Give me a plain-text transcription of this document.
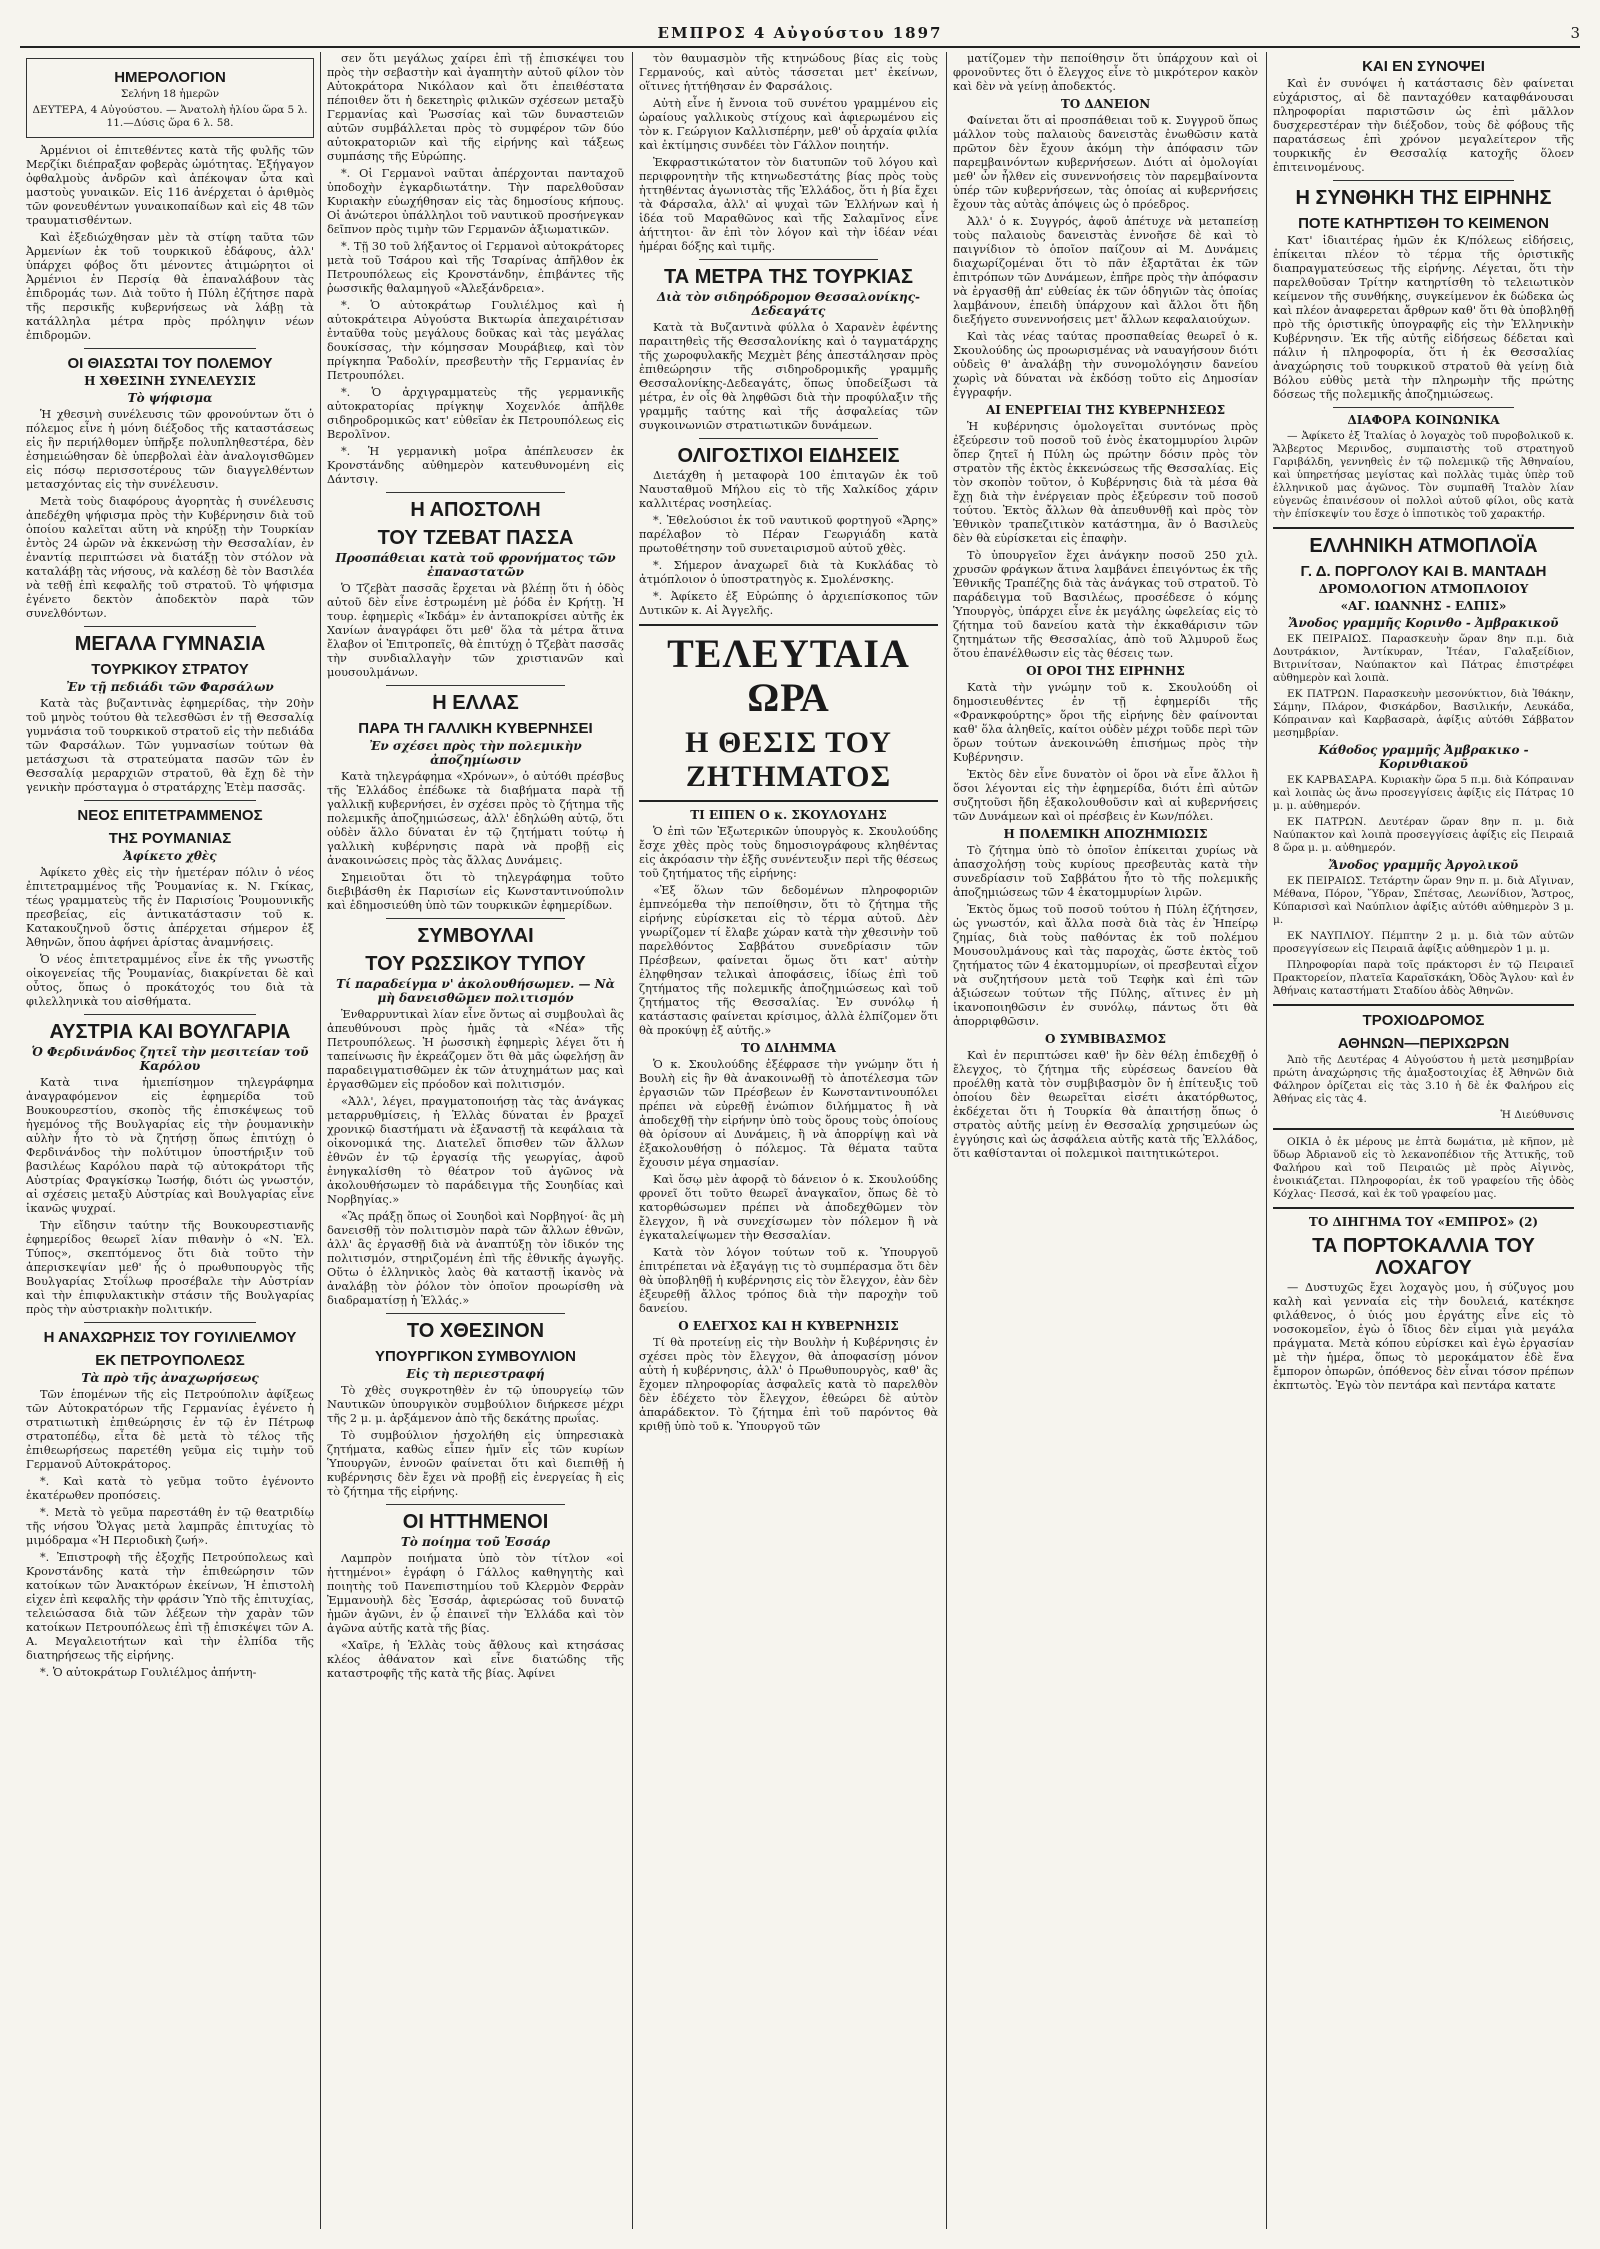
ΕΜΠΡΟΣ 4 Αὐγούστου 1897	3
ΗΜΕΡΟΛΟΓΙΟΝ

Σελήνη 18 ἡμερῶν

ΔΕΥΤΕΡΑ, 4 Αὐγούστου. — Ἀνατολὴ ἡλίου ὥρα 5 λ. 11.—Δύσις ὥρα 6 λ. 58.

Ἀρμένιοι οἱ ἐπιτεθέντες κατὰ τῆς φυλῆς τῶν Μερζίκι διέπραξαν φοβερὰς ὠμότητας. Ἐξήγαγον ὀφθαλμοὺς ἀνδρῶν καὶ ἀπέκοψαν ὦτα καὶ μαστοὺς γυναικῶν. Εἰς 116 ἀνέρχεται ὁ ἀριθμὸς τῶν φονευθέντων γυναικοπαίδων καὶ εἰς 48 τῶν τραυματισθέντων.

Καὶ ἐξεδιώχθησαν μὲν τὰ στίφη ταῦτα τῶν Ἀρμενίων ἐκ τοῦ τουρκικοῦ ἐδάφους, ἀλλ' ὑπάρχει φόβος ὅτι μένοντες ἀτιμώρητοι οἱ Ἀρμένιοι ἐν Περσίᾳ θὰ ἐπαναλάβουν τὰς ἐπιδρομάς των. Διὰ τοῦτο ἡ Πύλη ἐζήτησε παρὰ τῆς περσικῆς κυβερνήσεως νὰ λάβῃ τὰ κατάλληλα μέτρα πρὸς πρόληψιν νέων ἐπιδρομῶν.

ΟΙ ΘΙΑΣΩΤΑΙ ΤΟΥ ΠΟΛΕΜΟΥ
Η ΧΘΕΣΙΝΗ ΣΥΝΕΛΕΥΣΙΣ
Τὸ ψήφισμα

Ἡ χθεσινὴ συνέλευσις τῶν φρονούντων ὅτι ὁ πόλεμος εἶνε ἡ μόνη διέξοδος τῆς καταστάσεως εἰς ἣν περιήλθομεν ὑπῆρξε πολυπληθεστέρα, δὲν ἐσημειώθησαν δὲ ὑπερβολαὶ ἐὰν ἀναλογισθῶμεν εἰς πόσῳ περισσοτέρους τῶν διαγγελθέντων μετασχόντας εἰς τὴν συνέλευσιν.

Μετὰ τοὺς διαφόρους ἀγορητὰς ἡ συνέλευσις ἀπεδέχθη ψήφισμα πρὸς τὴν Κυβέρνησιν διὰ τοῦ ὁποίου καλεῖται αὕτη νὰ κηρύξῃ τὴν Τουρκίαν ἐντὸς 24 ὡρῶν νὰ ἐκκενώσῃ τὴν Θεσσαλίαν, ἐν ἐναντίᾳ περιπτώσει νὰ διατάξῃ τὸν στόλον νὰ καταλάβῃ τὰς νήσους, νὰ καλέσῃ δὲ τὸν Βασιλέα νὰ τεθῇ ἐπὶ κεφαλῆς τοῦ στρατοῦ. Τὸ ψήφισμα ἐγένετο δεκτὸν ἀποδεκτὸν παρὰ τῶν συνελθόντων.

ΜΕΓΑΛΑ ΓΥΜΝΑΣΙΑ
ΤΟΥΡΚΙΚΟΥ ΣΤΡΑΤΟΥ
Ἐν τῇ πεδιάδι τῶν Φαρσάλων

Κατὰ τὰς βυζαντινὰς ἐφημερίδας, τὴν 20ὴν τοῦ μηνὸς τούτου θὰ τελεσθῶσι ἐν τῇ Θεσσαλίᾳ γυμνάσια τοῦ τουρκικοῦ στρατοῦ εἰς τὴν πεδιάδα τῶν Φαρσάλων. Τῶν γυμνασίων τούτων θὰ μετάσχωσι τὰ στρατεύματα πασῶν τῶν ἐν Θεσσαλίᾳ μεραρχιῶν στρατοῦ, θὰ ἔχῃ δὲ τὴν γενικὴν πρόσταγμα ὁ στρατάρχης Ἐτὲμ πασσᾶς.

ΝΕΟΣ ΕΠΙΤΕΤΡΑΜΜΕΝΟΣ
ΤΗΣ ΡΟΥΜΑΝΙΑΣ
Ἀφίκετο χθὲς

Ἀφίκετο χθὲς εἰς τὴν ἡμετέραν πόλιν ὁ νέος ἐπιτετραμμένος τῆς Ῥουμανίας κ. Ν. Γκίκας, τέως γραμματεὺς τῆς ἐν Παρισίοις Ῥουμουνικῆς πρεσβείας, εἰς ἀντικατάστασιν τοῦ κ. Κατακουζηνοῦ ὅστις ἀπέρχεται σήμερον ἐξ Ἀθηνῶν, ὅπου ἀφήνει ἀρίστας ἀναμνήσεις.

Ὁ νέος ἐπιτετραμμένος εἶνε ἐκ τῆς γνωστῆς οἰκογενείας τῆς Ῥουμανίας, διακρίνεται δὲ καὶ οὗτος, ὅπως ὁ προκάτοχός του διὰ τὰ φιλελληνικὰ του αἰσθήματα.

ΑΥΣΤΡΙΑ ΚΑΙ ΒΟΥΛΓΑΡΙΑ
Ὁ Φερδινάνδος ζητεῖ τὴν μεσιτείαν τοῦ Καρόλου

Κατὰ τινα ἡμιεπίσημον τηλεγράφημα ἀναγραφόμενον εἰς ἐφημερίδα τοῦ Βουκουρεστίου, σκοπὸς τῆς ἐπισκέψεως τοῦ ἡγεμόνος τῆς Βουλγαρίας εἰς τὴν ῥουμανικὴν αὐλὴν ἦτο τὸ νὰ ζητήσῃ ὅπως ἐπιτύχῃ ὁ Φερδινάνδος τὴν πολύτιμον ὑποστήριξιν τοῦ βασιλέως Καρόλου παρὰ τῷ αὐτοκράτορι τῆς Αὐστρίας Φραγκίσκῳ Ἰωσήφ, διότι ὡς γνωστόν, αἱ σχέσεις μεταξὺ Αὐστρίας καὶ Βουλγαρίας εἶνε ἱκανῶς ψυχραί.

Τὴν εἴδησιν ταύτην τῆς Βουκουρεστιανῆς ἐφημερίδος θεωρεῖ λίαν πιθανὴν ὁ «Ν. Ἐλ. Τύπος», σκεπτόμενος ὅτι διὰ τοῦτο τὴν ἀπερισκεψίαν μεθ' ἧς ὁ πρωθυπουργὸς τῆς Βουλγαρίας Στοΐλωφ προσέβαλε τὴν Αὐστρίαν καὶ τὴν ἐπιφυλακτικὴν στάσιν τῆς Βουλγαρίας πρὸς τὴν αὐστριακὴν πολιτικήν.

Η ΑΝΑΧΩΡΗΣΙΣ ΤΟΥ ΓΟΥΙΛΙΕΛΜΟΥ
ΕΚ ΠΕΤΡΟΥΠΟΛΕΩΣ
Τὰ πρὸ τῆς ἀναχωρήσεως

Τῶν ἑπομένων τῆς εἰς Πετρούπολιν ἀφίξεως τῶν Αὐτοκρατόρων τῆς Γερμανίας ἐγένετο ἡ στρατιωτικὴ ἐπιθεώρησις ἐν τῷ ἐν Πέτρωφ στρατοπέδῳ, εἶτα δὲ μετὰ τὸ τέλος τῆς ἐπιθεωρήσεως παρετέθη γεῦμα εἰς τιμὴν τοῦ Γερμανοῦ Αὐτοκράτορος.

*. Καὶ κατὰ τὸ γεῦμα τοῦτο ἐγένοντο ἑκατέρωθεν προπόσεις.

*. Μετὰ τὸ γεῦμα παρεστάθη ἐν τῷ θεατριδίῳ τῆς νήσου Ὄλγας μετὰ λαμπρᾶς ἐπιτυχίας τὸ μιμόδραμα «Ἡ Περιοδικὴ ζωή».

*. Ἐπιστροφὴ τῆς ἐξοχῆς Πετρούπολεως καὶ Κρονστάνδης κατὰ τὴν ἐπιθεώρησιν τῶν κατοίκων τῶν Ἀνακτόρων ἐκείνων, Ἡ ἐπιστολὴ εἰχεν ἐπὶ κεφαλῆς τὴν φράσιν Ὑπὸ τῆς ἐπιτυχίας, τελειώσασα διὰ τῶν λέξεων τὴν χαρὰν τῶν κατοίκων Πετρουπόλεως ἐπὶ τῇ ἐπισκέψει τῶν Α. Α. Μεγαλειοτήτων καὶ τὴν ἐλπίδα τῆς διατηρήσεως τῆς εἰρήνης.

*. Ὁ αὐτοκράτωρ Γουλιέλμος ἀπήντη-

σεν ὅτι μεγάλως χαίρει ἐπὶ τῇ ἐπισκέψει του πρὸς τὴν σεβαστὴν καὶ ἀγαπητὴν αὐτοῦ φίλον τὸν Αὐτοκράτορα Νικόλαον καὶ ὅτι ἐπειθέστατα πέποιθεν ὅτι ἡ δεκετηρὶς φιλικῶν σχέσεων μεταξὺ Γερμανίας καὶ Ῥωσσίας καὶ τῶν δυναστειῶν αὐτῶν συμβάλλεται πρὸς τὸ συμφέρον τῶν δύο αὐτοκρατοριῶν καὶ τῆς εἰρήνης καὶ τάξεως συμπάσης τῆς Εὐρώπης.

*. Οἱ Γερμανοὶ ναῦται ἀπέρχονται πανταχοῦ ὑποδοχὴν ἐγκαρδιωτάτην. Τὴν παρελθοῦσαν Κυριακὴν εὐωχήθησαν εἰς τὰς δημοσίους κήπους. Οἱ ἀνώτεροι ὑπάλληλοι τοῦ ναυτικοῦ προσήνεγκαν δεῖπνον πρὸς τιμὴν τῶν Γερμανῶν ἀξιωματικῶν.

*. Τῇ 30 τοῦ λήξαντος οἱ Γερμανοὶ αὐτοκράτορες μετὰ τοῦ Τσάρου καὶ τῆς Τσαρίνας ἀπῆλθον ἐκ Πετρουπόλεως εἰς Κρονστάνδην, ἐπιβάντες τῆς ῥωσσικῆς θαλαμηγοῦ «Ἀλεξάνδρεια».

*. Ὁ αὐτοκράτωρ Γουλιέλμος καὶ ἡ αὐτοκράτειρα Αὐγούστα Βικτωρία ἀπεχαιρέτισαν ἐνταῦθα τοὺς μεγάλους δοῦκας καὶ τὰς μεγάλας δουκίσσας, τὴν κόμησσαν Μουράβιεφ, καὶ τὸν πρίγκηπα Ῥαδολίν, πρεσβευτὴν τῆς Γερμανίας ἐν Πετρουπόλει.

*. Ὁ ἀρχιγραμματεὺς τῆς γερμανικῆς αὐτοκρατορίας πρίγκηψ Χοχενλόε ἀπῆλθε σιδηροδρομικῶς κατ' εὐθεῖαν ἐκ Πετρουπόλεως εἰς Βερολῖνον.

*. Ἡ γερμανικὴ μοῖρα ἀπέπλευσεν ἐκ Κρονστάνδης αὐθημερὸν κατευθυνομένη εἰς Δάντσιγ.

Η ΑΠΟΣΤΟΛΗ
ΤΟΥ ΤΖΕΒΑΤ ΠΑΣΣΑ
Προσπάθειαι κατὰ τοῦ φρονήματος τῶν ἐπαναστατῶν

Ὁ Τζεβὰτ πασσᾶς ἔρχεται νὰ βλέπῃ ὅτι ἡ ὁδὸς αὐτοῦ δὲν εἶνε ἐστρωμένη μὲ ῥόδα ἐν Κρήτῃ. Ἡ τουρ. ἐφημερὶς «Ἰκδάμ» ἐν ἀνταποκρίσει αὐτῆς ἐκ Χανίων ἀναγράφει ὅτι μεθ' ὅλα τὰ μέτρα ἅτινα ἔλαβον οἱ Ἐπιτροπεῖς, θὰ ἐπιτύχῃ ὁ Τζεβὰτ πασσᾶς τὴν συνδιαλλαγὴν τῶν χριστιανῶν καὶ μουσουλμάνων.

Η ΕΛΛΑΣ
ΠΑΡΑ ΤΗ ΓΑΛΛΙΚΗ ΚΥΒΕΡΝΗΣΕΙ
Ἐν σχέσει πρὸς τὴν πολεμικὴν ἀποζημίωσιν

Κατὰ τηλεγράφημα «Χρόνων», ὁ αὐτόθι πρέσβυς τῆς Ἑλλάδος ἐπέδωκε τὰ διαβήματα παρὰ τῇ γαλλικῇ κυβερνήσει, ἐν σχέσει πρὸς τὸ ζήτημα τῆς πολεμικῆς ἀποζημιώσεως, ἀλλ' ἐδηλώθη αὐτῷ, ὅτι οὐδὲν ἄλλο δύναται ἐν τῷ ζητήματι τούτῳ ἡ γαλλικὴ κυβέρνησις παρὰ νὰ προβῇ εἰς ἀνακοινώσεις πρὸς τὰς ἄλλας Δυνάμεις.

Σημειοῦται ὅτι τὸ τηλεγράφημα τοῦτο διεβιβάσθη ἐκ Παρισίων εἰς Κωνσταντινούπολιν καὶ ἐδημοσιεύθη ὑπὸ τῶν τουρκικῶν ἐφημερίδων.

ΣΥΜΒΟΥΛΑΙ
ΤΟΥ ΡΩΣΣΙΚΟΥ ΤΥΠΟΥ
Τί παραδείγμα ν' ἀκολουθήσωμεν. — Νὰ μὴ δανεισθῶμεν πολιτισμόν

Ἐνθαρρυντικαὶ λίαν εἶνε ὄντως αἱ συμβουλαὶ ἃς ἀπευθύνουσι πρὸς ἡμᾶς τὰ «Νέα» τῆς Πετρουπόλεως. Ἡ ῥωσσικὴ ἐφημερὶς λέγει ὅτι ἡ ταπείνωσις ἣν ἐκρεάζομεν ὅτι θὰ μᾶς ὠφελήσῃ ἂν παραδειγματισθῶμεν ἐκ τῶν ἀτυχημάτων μας καὶ ἐργασθῶμεν εἰς πρόοδον καὶ πολιτισμόν.

«Ἀλλ', λέγει, πραγματοποιήσῃ τὰς τὰς ἀνάγκας μεταρρυθμίσεις, ἡ Ἑλλὰς δύναται ἐν βραχεῖ χρονικῷ διαστήματι νὰ ἐξαναστῇ τὰ κεφάλαια τὰ οἰκονομικά της. Διατελεῖ ὅπισθεν τῶν ἄλλων ἐθνῶν ἐν τῷ ἐργασίᾳ τῆς γεωργίας, ἀφοῦ ἐνηγκαλίσθη τὸ θέατρον τοῦ ἀγῶνος νὰ ἀκολουθήσωμεν τὸ παράδειγμα τῆς Σουηδίας καὶ Νορβηγίας.»

«Ἂς πράξῃ ὅπως οἱ Σουηδοὶ καὶ Νορβηγοί· ἂς μὴ δανεισθῇ τὸν πολιτισμὸν παρὰ τῶν ἄλλων ἐθνῶν, ἀλλ' ἂς ἐργασθῇ διὰ νὰ ἀναπτύξῃ τὸν ἰδικόν της πολιτισμόν, στηριζομένη ἐπὶ τῆς ἐθνικῆς ἀγωγῆς. Οὕτω ὁ ἑλληνικὸς λαὸς θὰ καταστῇ ἱκανὸς νὰ ἀναλάβῃ τὸν ῥόλον τὸν ὁποῖον προωρίσθη νὰ διαδραματίσῃ ἡ Ἑλλάς.»

ΤΟ ΧΘΕΣΙΝΟΝ
ΥΠΟΥΡΓΙΚΟΝ ΣΥΜΒΟΥΛΙΟΝ
Εἰς τὴ περιεστραφή

Τὸ χθὲς συγκροτηθὲν ἐν τῷ ὑπουργείῳ τῶν Ναυτικῶν ὑπουργικὸν συμβούλιον διήρκεσε μέχρι τῆς 2 μ. μ. ἀρξάμενον ἀπὸ τῆς δεκάτης πρωΐας.

Τὸ συμβούλιον ἠσχολήθη εἰς ὑπηρεσιακὰ ζητήματα, καθὼς εἶπεν ἡμῖν εἷς τῶν κυρίων Ὑπουργῶν, ἐννοῶν φαίνεται ὅτι καὶ διεπιθῇ ἡ κυβέρνησις δὲν ἔχει νὰ προβῇ εἰς ἐνεργείας ἢ εἰς τὸ ζήτημα τῆς εἰρήνης.

ΟΙ ΗΤΤΗΜΕΝΟΙ
Τὸ ποίημα τοῦ Ἐσσάρ

Λαμπρὸν ποιήματα ὑπὸ τὸν τίτλον «οἱ ἡττημένοι» ἐγράφη ὁ Γάλλος καθηγητὴς καὶ ποιητὴς τοῦ Πανεπιστημίου τοῦ Κλερμὸν Φερρὰν Ἐμμανουὴλ δὲς Ἐσσάρ, ἀφιερώσας τοῦ δυνατῷ ἡμῶν ἀγῶνι, ἐν ᾧ ἐπαινεῖ τὴν Ἑλλάδα καὶ τὸν ἀγῶνα αὐτῆς κατὰ τῆς βίας.

«Χαῖρε, ἡ Ἑλλὰς τοὺς ἄθλους καὶ κτησάσας κλέος ἀθάνατον καὶ εἶνε διατώδης τῆς καταστροφῆς τῆς κατὰ τῆς βίας. Ἀφίνει

τὸν θαυμασμὸν τῆς κτηνώδους βίας εἰς τοὺς Γερμανούς, καὶ αὐτὸς τάσσεται μετ' ἐκείνων, οἵτινες ἡττήθησαν ἐν Φαρσάλοις.

Αὐτὴ εἶνε ἡ ἔννοια τοῦ συνέτου γραμμένου εἰς ὡραίους γαλλικοὺς στίχους καὶ ἀφιερωμένου εἰς τὸν κ. Γεώργιον Καλλισπέρην, μεθ' οὗ ἀρχαία φιλία καὶ ἐκτίμησις συνδέει τὸν Γάλλον ποιητήν.

Ἐκφραστικώτατον τὸν διατυπῶν τοῦ λόγου καὶ περιφρονητὴν τῆς κτηνωδεστάτης βίας πρὸς τοὺς ἡττηθέντας ἀγωνιστὰς τῆς Ἑλλάδος, ὅτι ἡ βία ἔχει τὰ Φάρσαλα, ἀλλ' αἱ ψυχαὶ τῶν Ἑλλήνων καὶ ἡ ἰδέα τοῦ Μαραθῶνος καὶ τῆς Σαλαμῖνος εἶνε ἀήττητοι· ἂν ἐπὶ τὸν λόγον καὶ τὴν ἰδέαν νέαι ἡμέραι δόξης καὶ τιμῆς.

ΤΑ ΜΕΤΡΑ ΤΗΣ ΤΟΥΡΚΙΑΣ
Διὰ τὸν σιδηρόδρομον Θεσσαλονίκης-Δεδεαγάτς

Κατὰ τὰ Βυζαντινὰ φύλλα ὁ Χαρανὲν ἐφέντης παραιτηθεὶς τῆς Θεσσαλονίκης καὶ ὁ ταγματάρχης τῆς χωροφυλακῆς Μεχμὲτ βέης ἀπεστάλησαν πρὸς ἐπιθεώρησιν τῆς σιδηροδρομικῆς γραμμῆς Θεσσαλονίκης-Δεδεαγάτς, ὅπως ὑποδείξωσι τὰ μέτρα, ἐν οἷς θὰ ληφθῶσι διὰ τὴν προφύλαξιν τῆς γραμμῆς ταύτης καὶ τῆς ἀσφαλείας τῶν συγκοινωνιῶν στρατιωτικῶν δυνάμεων.

ΟΛΙΓΟΣΤΙΧΟΙ ΕΙΔΗΣΕΙΣ

Διετάχθη ἡ μεταφορὰ 100 ἐπιταγῶν ἐκ τοῦ Ναυσταθμοῦ Μήλου εἰς τὸ τῆς Χαλκίδος χάριν καλλιτέρας νοσηλείας.

*. Ἐθελούσιοι ἐκ τοῦ ναυτικοῦ φορτηγοῦ «Ἄρης» παρέλαβον τὸ Πέραν Γεωργιάδη κατὰ πρωτοθέτησην τοῦ συνεταιρισμοῦ αὐτοῦ χθὲς.

*. Σήμερον ἀναχωρεῖ διὰ τὰ Κυκλάδας τὸ ἀτμόπλοιον ὁ ὑποστρατηγὸς κ. Σμολένσκης.

*. Ἀφίκετο ἐξ Εὐρώπης ὁ ἀρχιεπίσκοπος τῶν Δυτικῶν κ. Αἰ Ἀγγελῆς.

ΤΕΛΕΥΤΑΙΑ ΩΡΑ
Η ΘΕΣΙΣ ΤΟΥ ΖΗΤΗΜΑΤΟΣ
ΤΙ ΕΙΠΕΝ Ο κ. ΣΚΟΥΛΟΥΔΗΣ

Ὁ ἐπὶ τῶν Ἐξωτερικῶν ὑπουργὸς κ. Σκουλούδης ἔσχε χθὲς πρὸς τοὺς δημοσιογράφους κληθέντας εἰς ἀκρόασιν τὴν ἑξῆς συνέντευξιν περὶ τῆς θέσεως τοῦ ζητήματος τῆς εἰρήνης:

«Ἐξ ὅλων τῶν δεδομένων πληροφοριῶν ἐμπνεόμεθα τὴν πεποίθησιν, ὅτι τὸ ζήτημα τῆς εἰρήνης εὑρίσκεται εἰς τὸ τέρμα αὐτοῦ. Δὲν γνωρίζομεν τί ἔλαβε χώραν κατὰ τὴν χθεσινὴν τοῦ παρελθόντος Σαββάτου συνεδρίασιν τῶν Πρέσβεων, φαίνεται ὅμως ὅτι κατ' αὐτὴν ἐληφθησαν τελικαὶ ἀποφάσεις, ἰδίως ἐπὶ τοῦ ζητήματος τῆς πολεμικῆς ἀποζημιώσεως καὶ τοῦ ζητήματος τῆς Θεσσαλίας. Ἐν συνόλῳ ἡ κατάστασις φαίνεται κρίσιμος, ἀλλὰ ἐλπίζομεν ὅτι θὰ προκύψῃ ἐξ αὐτῆς.»

ΤΟ ΔΙΛΗΜΜΑ

Ὁ κ. Σκουλούδης ἐξέφρασε τὴν γνώμην ὅτι ἡ Βουλὴ εἰς ἣν θὰ ἀνακοινωθῇ τὸ ἀποτέλεσμα τῶν ἐργασιῶν τῶν Πρέσβεων ἐν Κωνσταντινουπόλει πρέπει νὰ εὑρεθῇ ἐνώπιον διλήμματος ἢ νὰ ἀποδεχθῇ τὴν εἰρήνην ὑπὸ τοὺς ὅρους τοὺς ὁποίους θὰ ὁρίσουν αἱ Δυνάμεις, ἢ νὰ ἀπορρίψῃ καὶ νὰ ἐξακολουθήσῃ ὁ πόλεμος. Τὰ θέματα ταῦτα ἔχουσιν μέγα σημασίαν.

Καὶ ὅσῳ μὲν ἀφορᾷ τὸ δάνειον ὁ κ. Σκουλούδης φρονεῖ ὅτι τοῦτο θεωρεῖ ἀναγκαῖον, ὅπως δὲ τὸ κατορθώσωμεν πρέπει νὰ ἀποδεχθῶμεν τὸν ἔλεγχον, ἢ νὰ συνεχίσωμεν τὸν πόλεμον ἢ νὰ ἐγκαταλείψωμεν τὴν Θεσσαλίαν.

Κατὰ τὸν λόγον τούτων τοῦ κ. Ὑπουργοῦ ἐπιτρέπεται νὰ ἐξαγάγῃ τις τὸ συμπέρασμα ὅτι δὲν θὰ ὑποβληθῇ ἡ κυβέρνησις εἰς τὸν ἔλεγχον, ἐὰν δὲν ἐξευρεθῇ ἄλλος τρόπος διὰ τὴν παροχὴν τοῦ δανείου.

Ο ΕΛΕΓΧΟΣ ΚΑΙ Η ΚΥΒΕΡΝΗΣΙΣ

Τί θὰ προτείνῃ εἰς τὴν Βουλὴν ἡ Κυβέρνησις ἐν σχέσει πρὸς τὸν ἔλεγχον, θὰ ἀποφασίσῃ μόνον αὐτὴ ἡ κυβέρνησις, ἀλλ' ὁ Πρωθυπουργὸς, καθ' ἃς ἔχομεν πληροφορίας ἀσφαλεῖς κατὰ τὸ παρελθὸν δὲν ἐδέχετο τὸν ἔλεγχον, ἐθεώρει δὲ αὐτὸν ἀπαράδεκτον. Τὸ ζήτημα ἐπὶ τοῦ παρόντος θὰ κριθῇ ὑπὸ τοῦ κ. Ὑπουργοῦ τῶν

ματίζομεν τὴν πεποίθησιν ὅτι ὑπάρχουν καὶ οἱ φρονοῦντες ὅτι ὁ ἔλεγχος εἶνε τὸ μικρότερον κακὸν καὶ δὲν νὰ γείνῃ ἀποδεκτός.

ΤΟ ΔΑΝΕΙΟΝ

Φαίνεται ὅτι αἱ προσπάθειαι τοῦ κ. Συγγροῦ ὅπως μάλλον τοὺς παλαιοὺς δανειστὰς ἐνωθῶσιν κατὰ πρῶτον δὲν ἔχουν ἀκόμη τὴν ἀπόφασιν τῶν παρεμβαινόντων κυβερνήσεων. Διότι αἱ ὁμολογίαι μεθ' ὧν ἦλθεν εἰς συνεννοήσεις τὸν παρεμβαίνοντα ὑπέρ τῶν κυβερνήσεων, τὰς ὁποίας αἱ κυβερνήσεις ἔχουν τὰς αὐτὰς ἀπόψεις ὡς ὁ πρόεδρος.

Ἀλλ' ὁ κ. Συγγρός, ἀφοῦ ἀπέτυχε νὰ μεταπείσῃ τοὺς παλαιοὺς δανειστὰς ἐννοῆσε δὲ καὶ τὸ παιγνίδιον τὸ ὁποῖον παίζουν αἱ Μ. Δυνάμεις διαχωρίζομέναι ὅτι τὸ πᾶν ἐξαρτᾶται ἐκ τῶν ἐπιτρόπων τῶν Δυνάμεων, ἐπῆρε πρὸς τὴν ἀπόφασιν νὰ ἐργασθῇ ἀπ' εὐθείας ἐκ τῶν ὁδηγιῶν τὰς ὁποίας λαμβάνουν, ἐπειδὴ ὑπάρχουν καὶ ἄλλοι ὅτι ἤδη διεξήγετο συνεννοήσεις μετ' ἄλλων κεφαλαιούχων.

Καὶ τὰς νέας ταύτας προσπαθείας θεωρεῖ ὁ κ. Σκουλούδης ὡς προωρισμένας νὰ ναυαγήσουν διότι οὐδεὶς θ' ἀναλάβῃ τὴν συνομολόγησιν δανείου χωρὶς νὰ δύναται νὰ ἐκδόσῃ τοῦτο εἰς Δημοσίαν ἐγγραφήν.

ΑΙ ΕΝΕΡΓΕΙΑΙ ΤΗΣ ΚΥΒΕΡΝΗΣΕΩΣ

Ἡ κυβέρνησις ὁμολογεῖται συντόνως πρὸς ἐξεύρεσιν τοῦ ποσοῦ τοῦ ἑνὸς ἑκατομμυρίου λιρῶν ὅπερ ζητεῖ ἡ Πύλη ὡς πρώτην δόσιν πρὸς τὸν στρατὸν τῆς ἐκτὸς ἐκκενώσεως τῆς Θεσσαλίας. Εἰς τὸν σκοπὸν τοῦτον, ὁ Κυβέρνησις διὰ τὰ μέσα θὰ ἔχῃ διὰ τὴν ἐνέργειαν πρὸς ἐξεύρεσιν τοῦ ποσοῦ τούτου. Ἐκτὸς ἄλλων θὰ ἀπευθυνθῇ καὶ πρὸς τὸν Ἐθνικὸν τραπεζιτικὸν κατάστημα, ἂν ὁ Βασιλεὺς δὲν θὰ εὑρίσκεται εἰς ἐπαφὴν.

Τὸ ὑπουργεῖον ἔχει ἀνάγκην ποσοῦ 250 χιλ. χρυσῶν φράγκων ἅτινα λαμβάνει ἐπειγόντως ἐκ τῆς Ἐθνικῆς Τραπέζης διὰ τὰς ἀνάγκας τοῦ στρατοῦ. Τὸ παράδειγμα τοῦ Βασιλέως, προσέδεσε ὁ κόμης Ὑπουργὸς, ὑπάρχει εἶνε ἐκ μεγάλης ὠφελείας εἰς τὸ ζήτημα τοῦ δανείου κατὰ τὴν ἐκκαθάρισιν τῶν ζητημάτων τῆς Θεσσαλίας, ἀπὸ τοῦ Ἀλμυροῦ ἕως ὅτου ἐπανέλθωσιν εἰς τὰς θέσεις των.

ΟΙ ΟΡΟΙ ΤΗΣ ΕΙΡΗΝΗΣ

Κατὰ τὴν γνώμην τοῦ κ. Σκουλούδη οἱ δημοσιευθέντες ἐν τῇ ἐφημερίδι τῆς «Φρανκφούρτης» ὅροι τῆς εἰρήνης δὲν φαίνονται καθ' ὅλα ἀληθεῖς, καίτοι οὐδὲν μέχρι τοῦδε περὶ τῶν ὅρων τούτων ἀνεκοινώθη ἐπισήμως πρὸς τὴν Κυβέρνησιν.

Ἐκτὸς δὲν εἶνε δυνατὸν οἱ ὅροι νὰ εἶνε ἄλλοι ἢ ὅσοι λέγονται εἰς τὴν ἐφημερίδα, διότι ἐπὶ αὐτῶν συζητοῦσι ἤδη ἐξακολουθοῦσιν καὶ αἱ κυβερνήσεις τῶν Δυνάμεων καὶ οἱ πρέσβεις ἐν Κων/πόλει.

Η ΠΟΛΕΜΙΚΗ ΑΠΟΖΗΜΙΩΣΙΣ

Τὸ ζήτημα ὑπὸ τὸ ὁποῖον ἐπίκειται χυρίως νὰ ἀπασχολήσῃ τοὺς κυρίους πρεσβευτὰς κατὰ τὴν συνεδρίασιν τοῦ Σαββάτου ἦτο τὸ τῆς πολεμικῆς ἀποζημιώσεως τῶν 4 ἑκατομμυρίων λιρῶν.

Ἐκτὸς ὅμως τοῦ ποσοῦ τούτου ἡ Πύλη ἐζήτησεν, ὡς γνωστόν, καὶ ἄλλα ποσὰ διὰ τὰς ἐν Ἠπείρῳ ζημίας, διὰ τοὺς παθόντας ἐκ τοῦ πολέμου Μουσουλμάνους καὶ τὰς παροχὰς, ὥστε ἐκτὸς τοῦ ζητήματος τῶν 4 ἑκατομμυρίων, οἱ πρεσβευταὶ εἶχον νὰ συζητήσουν μετὰ τοῦ Τεφὴκ καὶ ἐπὶ τῶν ἀξιώσεων τούτων τῆς Πύλης, αἵτινες ἐν μὴ ἱκανοποιηθῶσιν ἐν συνόλῳ, πάντως ὅτι θὰ ἀπορριφθῶσιν.

Ο ΣΥΜΒΙΒΑΣΜΟΣ

Καὶ ἐν περιπτώσει καθ' ἣν δὲν θέλῃ ἐπιδεχθῇ ὁ ἔλεγχος, τὸ ζήτημα τῆς εὑρέσεως δανείου θὰ προέλθῃ κατὰ τὸν συμβιβασμὸν ὃν ἡ ἐπίτευξις τοῦ ὁποίου δὲν θεωρεῖται εἰσέτι ἀκατόρθωτος, ἐκδέχεται ὅτι ἡ Τουρκία θὰ ἀπαιτήσῃ ὅπως ὁ στρατὸς αὐτῆς μείνῃ ἐν Θεσσαλίᾳ χρησιμεύων ὡς ἐγγύησις καὶ ὡς ἀσφάλεια αὐτῆς κατὰ τῆς Ἑλλάδος, ὅτι καθίστανται οἱ πολεμικοὶ παιτητικώτεροι.

ΚΑΙ ΕΝ ΣΥΝΟΨΕΙ

Καὶ ἐν συνόψει ἡ κατάστασις δὲν φαίνεται εὐχάριστος, αἱ δὲ πανταχόθεν καταφθάνουσαι πληροφορίαι παριστῶσιν ὡς ἐπὶ μᾶλλον δυσχερεστέραν τὴν διέξοδον, τοὺς δὲ φόβους τῆς παρατάσεως ἐπὶ χρόνον μεγαλείτερον τῆς τουρκικῆς ἐν Θεσσαλίᾳ κατοχῆς ὅλοεν ἐπιτεινομένους.

Η ΣΥΝΘΗΚΗ ΤΗΣ ΕΙΡΗΝΗΣ
ΠΟΤΕ ΚΑΤΗΡΤΙΣΘΗ ΤΟ ΚΕΙΜΕΝΟΝ

Κατ' ἰδιαιτέρας ἡμῶν ἐκ Κ/πόλεως εἰδήσεις, ἐπίκειται πλέον τὸ τέρμα τῆς ὁριστικῆς διαπραγματεύσεως τῆς εἰρήνης. Λέγεται, ὅτι τὴν παρελθοῦσαν Τρίτην κατηρτίσθη τὸ τελειωτικὸν κείμενον τῆς συνθήκης, συγκείμενον ἐκ δώδεκα ὡς καὶ πλέον ἀναφερεται ἄρθρων καθ' ὅτι θὰ ὑποβληθῇ πρὸ τῆς ὁριστικῆς ὑπογραφῆς εἰς τὴν Ἑλληνικὴν Κυβέρνησιν. Ἐκ τῆς αὐτῆς εἰδήσεως δέδεται καὶ πάλιν ἡ πληροφορία, ὅτι ἡ ἐκ Θεσσαλίας ἀναχώρησις τοῦ τουρκικοῦ στρατοῦ θὰ γείνῃ διὰ Βόλου εὐθὺς μετὰ τὴν πληρωμὴν τῆς πρώτης δόσεως τῆς πολεμικῆς ἀποζημιώσεως.

ΔΙΑΦΟΡΑ ΚΟΙΝΩΝΙΚΑ

— Ἀφίκετο ἐξ Ἰταλίας ὁ λογαχὸς τοῦ πυροβολικοῦ κ. Ἄλβερτος Μερινδος, συμπαιστὴς τοῦ στρατηγοῦ Γαριβάλδη, γεννηθεὶς ἐν τῷ πολεμικῷ τῆς Ἀθηναίου, καὶ ὑπηρετήσας μεγίστας καὶ πολλὰς τιμὰς ὑπὲρ τοῦ ἑλληνικοῦ μας ἀγῶνος. Τὸν συμπαθῆ Ἰταλὸν λίαν εὐγενῶς ἐπαινέσουν οἱ πολλοὶ αὐτοῦ φίλοι, οὓς κατὰ τὴν ἐπίσκεψίν του ἔσχε ὁ ἱπποτικὸς τοῦ χαρακτήρ.

ΕΛΛΗΝΙΚΗ ΑΤΜΟΠΛΟΪΑ
Γ. Δ. ΠΟΡΓΟΛΟΥ ΚΑΙ Β. ΜΑΝΤΑΔΗ
ΔΡΟΜΟΛΟΓΙΟΝ ΑΤΜΟΠΛΟΙΟΥ
«ΑΓ. ΙΩΑΝΝΗΣ - ΕΛΠΙΣ»
Ἄνοδος γραμμῆς Κορινθο - Ἀμβρακικοῦ

ΕΚ ΠΕΙΡΑΙΩΣ. Παρασκευὴν ὥραν 8ην π.μ. διὰ Δουτράκιον, Ἀντίκυραν, Ἰτέαν, Γαλαξείδιον, Βιτρινίτσαν, Ναύπακτον καὶ Πάτρας ἐπιστρέφει αὐθημερὸν καὶ λοιπὰ.

ΕΚ ΠΑΤΡΩΝ. Παρασκευὴν μεσονύκτιον, διὰ Ἰθάκην, Σάμην, Πλάρον, Φισκάρδον, Βασιλικήν, Λευκάδα, Κόπραιναν καὶ Καρβασαρὰ, ἀφίξις αὐτόθι Σάββατον μεσημβρίαν.

Κάθοδος γραμμῆς Ἀμβρακικο - Κορινθιακοῦ

ΕΚ ΚΑΡΒΑΣΑΡΑ. Κυριακὴν ὥρα 5 π.μ. διὰ Κόπραιναν καὶ λοιπὰς ὡς ἄνω προσεγγίσεις ἀφίξις εἰς Πάτρας 10 μ. μ. αὐθημερόν.

ΕΚ ΠΑΤΡΩΝ. Δευτέραν ὥραν 8ην π. μ. διὰ Ναύπακτον καὶ λοιπὰ προσεγγίσεις ἀφίξις εἰς Πειραιᾶ 8 ὥρα μ. μ. αὐθημερόν.

Ἄνοδος γραμμῆς Ἀργολικοῦ

ΕΚ ΠΕΙΡΑΙΩΣ. Τετάρτην ὥραν 9ην π. μ. διὰ Αἴγιναν, Μέθανα, Πόρον, Ὕδραν, Σπέτσας, Λεωνίδιον, Ἄστρος, Κύπαρισσὶ καὶ Ναύπλιον ἀφίξις αὐτόθι αὐθημερὸν 3 μ. μ.

ΕΚ ΝΑΥΠΛΙΟΥ. Πέμπτην 2 μ. μ. διὰ τῶν αὐτῶν προσεγγίσεων εἰς Πειραιᾶ ἀφίξις αὐθημερὸν 1 μ. μ.

Πληροφορίαι παρὰ τοῖς πράκτορσι ἐν τῷ Πειραιεῖ Πρακτορείον, πλατεῖα Καραϊσκάκη, Ὁδὸς Ἄγλου· καὶ ἐν Ἀθήναις καταστήματι Σταδίου ἁδὸς Ἀθηνῶν.

ΤΡΟΧΙΟΔΡΟΜΟΣ
ΑΘΗΝΩΝ—ΠΕΡΙΧΩΡΩΝ

Ἀπὸ τῆς Δευτέρας 4 Αὐγούστου ἡ μετὰ μεσημβρίαν πρώτη ἀναχώρησις τῆς ἀμαξοστοιχίας ἐξ Ἀθηνῶν διὰ Φάληρον ὁρίζεται εἰς τὰς 3.10 ἡ δὲ ἐκ Φαλήρου εἰς Ἀθήνας εἰς τὰς 4.

Ἡ Διεύθυνσις

ΟΙΚΙΑ ὁ ἐκ μέρους με ἑπτὰ δωμάτια, μὲ κῆπον, μὲ ὕδωρ Ἀδριανοῦ εἰς τὸ λεκανοπέδιον τῆς Ἀττικῆς, τοῦ Φαλήρου καὶ τοῦ Πειραιῶς μὲ πρὸς Αἰγινὸς, ἐνοικιάζεται. Πληροφορίαι, ἐκ τοῦ γραφείου τῆς ὁδὸς Κόχλας· Πεσσά, καὶ ἐκ τοῦ γραφείου μας.

ΤΟ ΔΙΗΓΗΜΑ ΤΟΥ «ΕΜΠΡΟΣ» (2)
ΤΑ ΠΟΡΤΟΚΑΛΛΙΑ ΤΟΥ ΛΟΧΑΓΟΥ

— Δυστυχῶς ἔχει λοχαγὸς μου, ἡ σύζυγος μου καλὴ καὶ γενναία εἰς τὴν δουλειά, κατέκησε φιλάθενος, ὁ ὑιός μου ἐργάτης εἶνε εἰς τὸ νοσοκομεῖον, ἐγὼ ὁ ἴδιος δὲν εἶμαι γιὰ μεγάλα πράγματα. Μετὰ κόπου εὑρίσκει καὶ ἐγὼ ἐργασίαν μὲ τὴν ἡμέρα, ὅπως τὸ μεροκάματον ἐδὲ ἕνα ἔμπορον ὀπωρῶν, ὁπόθενος δὲν εἶναι τόσον πρέπων ἐκπτωτὸς. Ἐγὼ τὸν πεντάρα καὶ πεντάρα κατατε
